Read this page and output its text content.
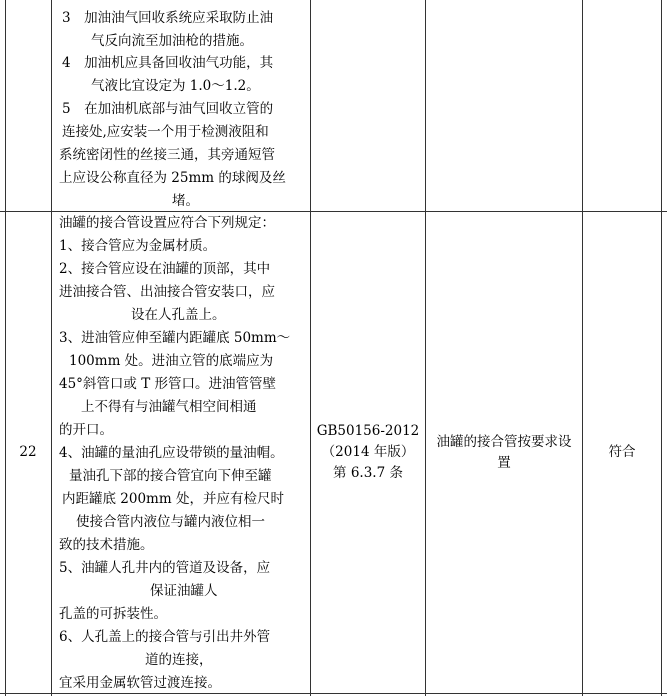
3　加油油气回收系统应采取防止油
气反向流至加油枪的措施。
4　加油机应具备回收油气功能，其
气液比宜设定为 1.0～1.2。
5　在加油机底部与油气回收立管的
连接处,应安装一个用于检测液阻和
系统密闭性的丝接三通，其旁通短管
上应设公称直径为 25mm 的球阀及丝
堵。
22
油罐的接合管设置应符合下列规定：
1、接合管应为金属材质。
2、接合管应设在油罐的顶部，其中
进油接合管、出油接合管安装口，应
设在人孔盖上。
3、进油管应伸至罐内距罐底 50mm～
100mm 处。进油立管的底端应为
45°斜管口或 T 形管口。进油管管壁
上不得有与油罐气相空间相通
的开口。
4、油罐的量油孔应设带锁的量油帽。
量油孔下部的接合管宜向下伸至罐
内距罐底 200mm 处，并应有检尺时
使接合管内液位与罐内液位相一
致的技术措施。
5、油罐人孔井内的管道及设备，应
保证油罐人
孔盖的可拆装性。
6、人孔盖上的接合管与引出井外管
道的连接，
宜采用金属软管过渡连接。
GB50156-2012
（2014 年版）
第 6.3.7 条
油罐的接合管按要求设置
符合
